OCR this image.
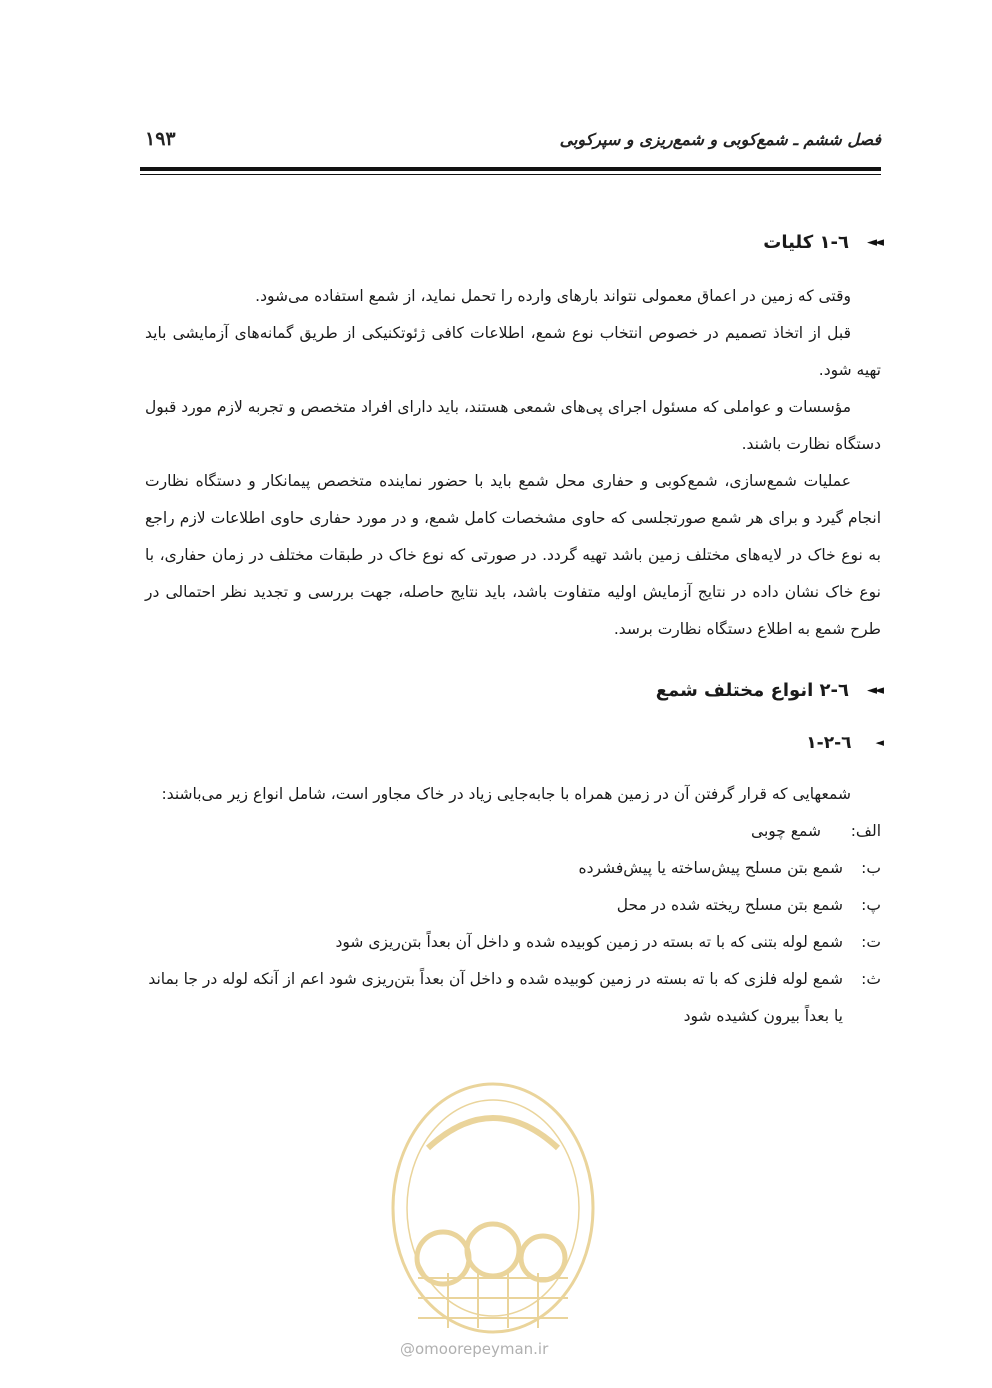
فصل ششم ـ شمع‌کوبی و شمع‌ریزی و سپرکوبی
۱۹۳
◄◄
٦-١ کلیات

وقتی که زمین در اعماق معمولی نتواند بارهای وارده را تحمل نماید، از شمع استفاده می‌شود.

قبل از اتخاذ تصمیم در خصوص انتخاب نوع شمع، اطلاعات کافی ژئوتکنیکی از طریق گمانه‌های آزمایشی باید تهیه شود.

مؤسسات و عواملی که مسئول اجرای پی‌های شمعی هستند، باید دارای افراد متخصص و تجربه لازم مورد قبول دستگاه نظارت باشند.

عملیات شمع‌سازی، شمع‌کوبی و حفاری محل شمع باید با حضور نماینده متخصص پیمانکار و دستگاه نظارت انجام گیرد و برای هر شمع صورتجلسی که حاوی مشخصات کامل شمع، و در مورد حفاری حاوی اطلاعات لازم راجع به نوع خاک در لایه‌های مختلف زمین باشد تهیه گردد. در صورتی که نوع خاک در طبقات مختلف در زمان حفاری، با نوع خاک نشان داده در نتایج آزمایش اولیه متفاوت باشد، باید نتایج حاصله، جهت بررسی و تجدید نظر احتمالی در طرح شمع به اطلاع دستگاه نظارت برسد.

◄◄
٦-٢ انواع مختلف شمع
◄
٦-٢-١

شمعهایی که قرار گرفتن آن در زمین همراه با جابه‌جایی زیاد در خاک مجاور است، شامل انواع زیر می‌باشند:

الف:
شمع چوبی
ب:
شمع بتن مسلح پیش‌ساخته یا پیش‌فشرده
پ:
شمع بتن مسلح ریخته شده در محل
ت:
شمع لوله بتنی که با ته بسته در زمین کوبیده شده و داخل آن بعداً بتن‌ریزی شود
ث:
شمع لوله فلزی که با ته بسته در زمین کوبیده شده و داخل آن بعداً بتن‌ریزی شود اعم از آنکه لوله در جا بماند یا بعداً بیرون کشیده شود
@omoorepeyman.ir
